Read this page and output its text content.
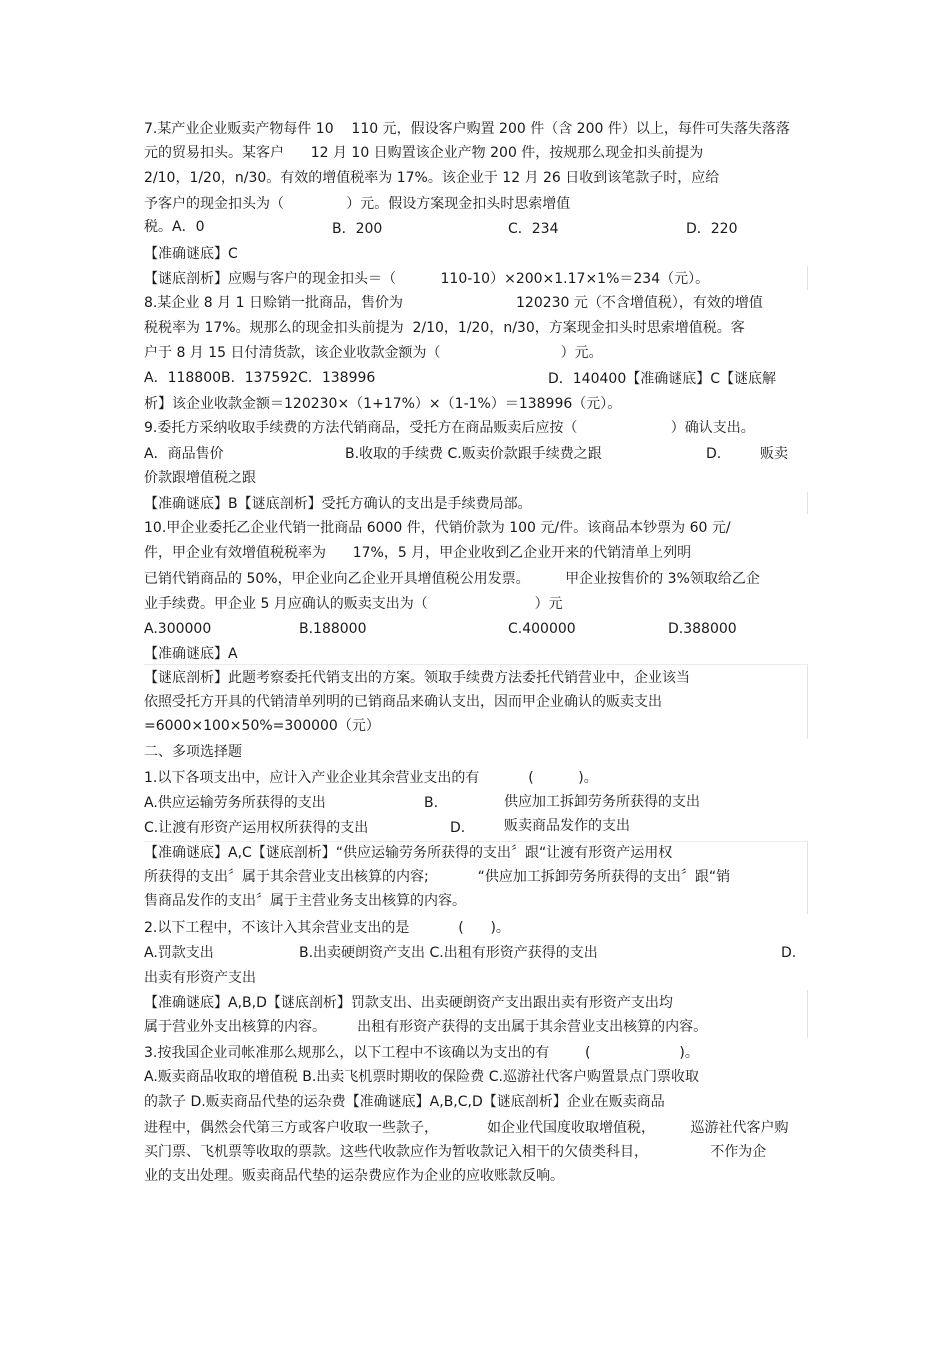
7.某产业企业贩卖产物每件 10    110 元，假设客户购置 200 件（含 200 件）以上，每件可失落失落落
元的贸易扣头。某客户      12 月 10 日购置该企业产物 200 件，按规那么现金扣头前提为
2/10，1/20，n/30。有效的增值税率为 17%。该企业于 12 月 26 日收到该笔款子时，应给
予客户的现金扣头为（              ）元。假设方案现金扣头时思索增值
税。A．0	B．200	C．234	D．220
【准确谜底】C
【谜底剖析】应赐与客户的现金扣头＝（          110-10）×200×1.17×1%＝234（元）。
8.某企业 8 月 1 日赊销一批商品，售价为	120230 元（不含增值税），有效的增值
税税率为 17%。规那么的现金扣头前提为  2/10，1/20，n/30，方案现金扣头时思索增值税。客
户于 8 月 15 日付清货款，该企业收款金额为（                           ）元。
A．118800B．137592C．138996	D．140400【准确谜底】C【谜底解
析】该企业收款金额＝120230×（1+17%）×（1-1%）＝138996（元）。
9.委托方采纳收取手续费的方法代销商品，受托方在商品贩卖后应按（                     ）确认支出。
A．商品售价	B.收取的手续费 C.贩卖价款跟手续费之跟	D.	贩卖
价款跟增值税之跟
【准确谜底】B【谜底剖析】受托方确认的支出是手续费局部。
10.甲企业委托乙企业代销一批商品 6000 件，代销价款为 100 元/件。该商品本钞票为 60 元/
件，甲企业有效增值税税率为      17%，5 月，甲企业收到乙企业开来的代销清单上列明
已销代销商品的 50%，甲企业向乙企业开具增值税公用发票。        甲企业按售价的 3%领取给乙企
业手续费。甲企业 5 月应确认的贩卖支出为（                        ）元
A.300000	B.188000	C.400000	D.388000
【准确谜底】A
【谜底剖析】此题考察委托代销支出的方案。领取手续费方法委托代销营业中，企业该当
依照受托方开具的代销清单列明的已销商品来确认支出，因而甲企业确认的贩卖支出
=6000×100×50%=300000（元）
二、多项选择题
1.以下各项支出中，应计入产业企业其余营业支出的有           (          )。
A.供应运输劳务所获得的支出	B.	供应加工拆卸劳务所获得的支出
C.让渡有形资产运用权所获得的支出	D.	贩卖商品发作的支出
【准确谜底】A,C【谜底剖析】“供应运输劳务所获得的支出〞跟“让渡有形资产运用权
所获得的支出〞属于其余营业支出核算的内容;           “供应加工拆卸劳务所获得的支出〞跟“销
售商品发作的支出〞属于主营业务支出核算的内容。
2.以下工程中，不该计入其余营业支出的是           (      )。
A.罚款支出	B.出卖硬朗资产支出 C.出租有形资产获得的支出	D.
出卖有形资产支出
【准确谜底】A,B,D【谜底剖析】罚款支出、出卖硬朗资产支出跟出卖有形资产支出均
属于营业外支出核算的内容。       出租有形资产获得的支出属于其余营业支出核算的内容。
3.按我国企业司帐准那么规那么，以下工程中不该确以为支出的有        (                    )。
A.贩卖商品收取的增值税 B.出卖飞机票时期收的保险费 C.巡游社代客户购置景点门票收取
的款子 D.贩卖商品代垫的运杂费【准确谜底】A,B,C,D【谜底剖析】企业在贩卖商品
进程中，偶然会代第三方或客户收取一些款子，           如企业代国度收取增值税，        巡游社代客户购
买门票、飞机票等收取的票款。这些代收款应作为暂收款记入相干的欠债类科目，              不作为企
业的支出处理。贩卖商品代垫的运杂费应作为企业的应收账款反响。
